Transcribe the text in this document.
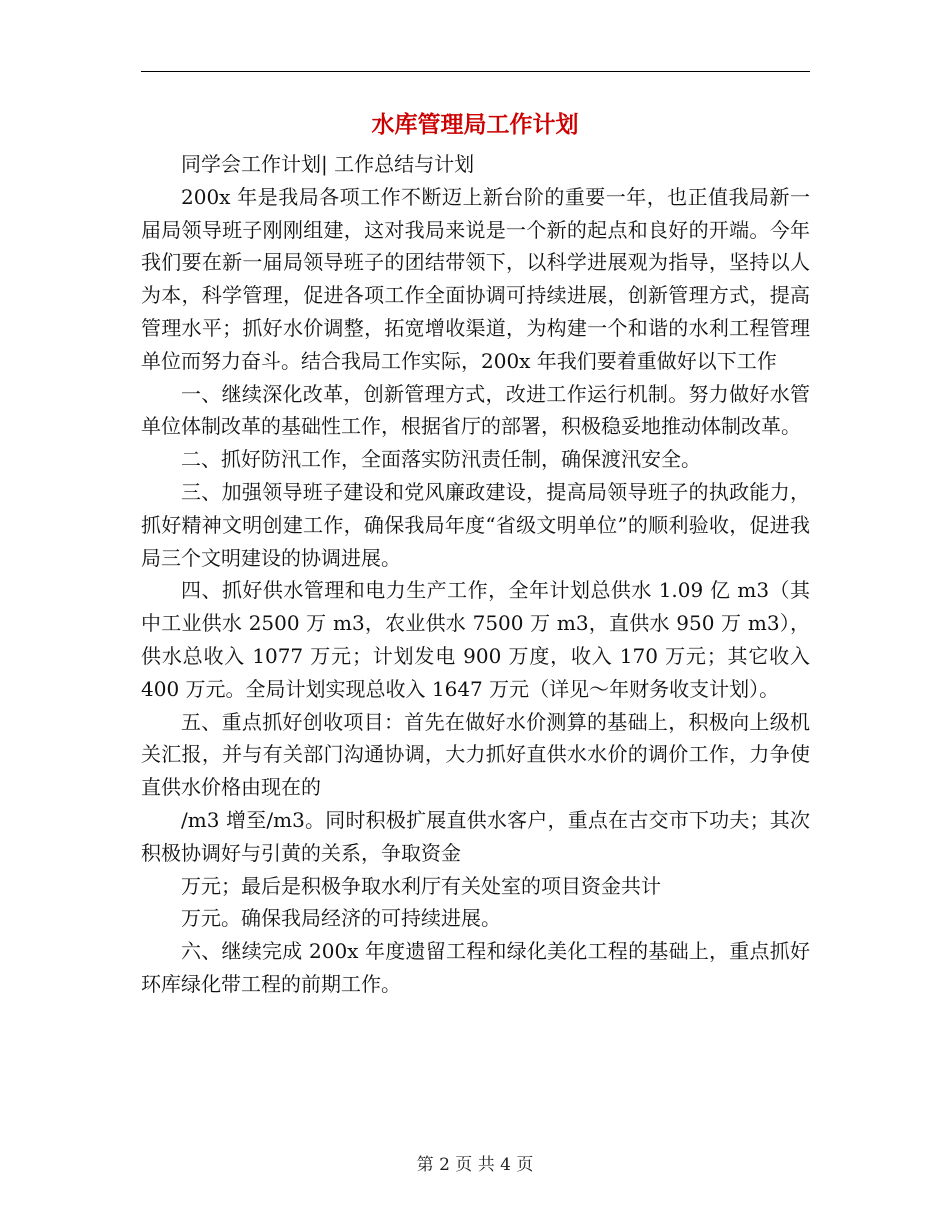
水库管理局工作计划

同学会工作计划| 工作总结与计划

200x 年是我局各项工作不断迈上新台阶的重要一年，也正值我局新一届局领导班子刚刚组建，这对我局来说是一个新的起点和良好的开端。今年我们要在新一届局领导班子的团结带领下，以科学进展观为指导，坚持以人为本，科学管理，促进各项工作全面协调可持续进展，创新管理方式，提高管理水平；抓好水价调整，拓宽增收渠道，为构建一个和谐的水利工程管理单位而努力奋斗。结合我局工作实际，200x 年我们要着重做好以下工作

一、继续深化改革，创新管理方式，改进工作运行机制。努力做好水管单位体制改革的基础性工作，根据省厅的部署，积极稳妥地推动体制改革。

二、抓好防汛工作，全面落实防汛责任制，确保渡汛安全。

三、加强领导班子建设和党风廉政建设，提高局领导班子的执政能力，抓好精神文明创建工作，确保我局年度“省级文明单位”的顺利验收，促进我局三个文明建设的协调进展。

四、抓好供水管理和电力生产工作，全年计划总供水 1.09 亿 m3（其中工业供水 2500 万 m3，农业供水 7500 万 m3，直供水 950 万 m3），供水总收入 1077 万元；计划发电 900 万度，收入 170 万元；其它收入 400 万元。全局计划实现总收入 1647 万元（详见～年财务收支计划）。

五、重点抓好创收项目：首先在做好水价测算的基础上，积极向上级机关汇报，并与有关部门沟通协调，大力抓好直供水水价的调价工作，力争使直供水价格由现在的

/m3 增至/m3。同时积极扩展直供水客户，重点在古交市下功夫；其次积极协调好与引黄的关系，争取资金

万元；最后是积极争取水利厅有关处室的项目资金共计

万元。确保我局经济的可持续进展。

六、继续完成 200x 年度遗留工程和绿化美化工程的基础上，重点抓好环库绿化带工程的前期工作。

第 2 页 共 4 页
